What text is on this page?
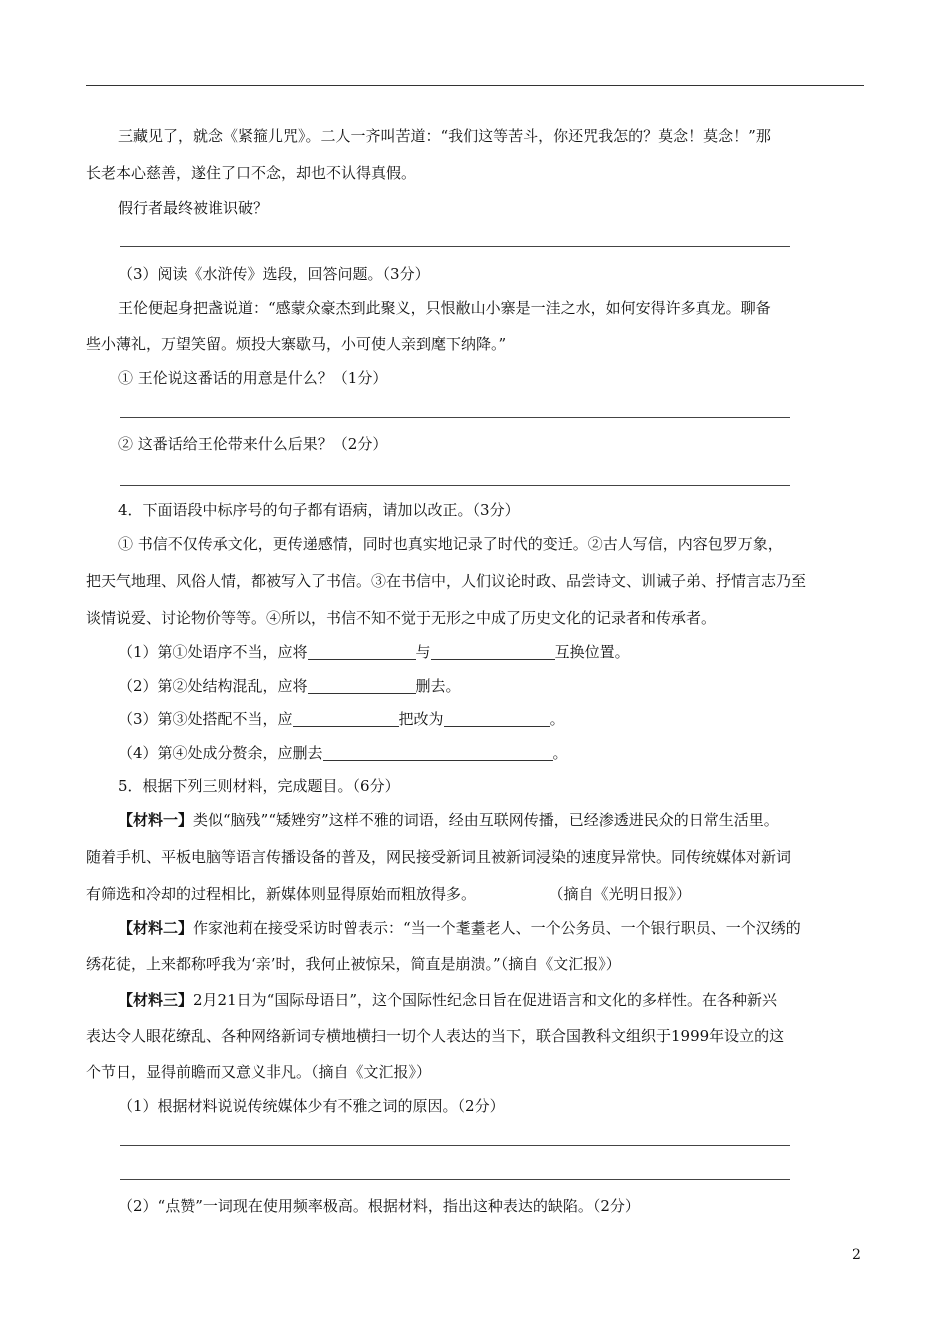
三藏见了，就念《紧箍儿咒》。二人一齐叫苦道：“我们这等苦斗，你还咒我怎的？莫念！莫念！”那
长老本心慈善，遂住了口不念，却也不认得真假。
假行者最终被谁识破？
（3）阅读《水浒传》选段，回答问题。（3分）
王伦便起身把盏说道：“感蒙众豪杰到此聚义，只恨敝山小寨是一洼之水，如何安得许多真龙。聊备
些小薄礼，万望笑留。烦投大寨歇马，小可使人亲到麾下纳降。”
① 王伦说这番话的用意是什么？（1分）
② 这番话给王伦带来什么后果？（2分）
4．下面语段中标序号的句子都有语病，请加以改正。（3分）
① 书信不仅传承文化，更传递感情，同时也真实地记录了时代的变迁。②古人写信，内容包罗万象，
把天气地理、风俗人情，都被写入了书信。③在书信中，人们议论时政、品尝诗文、训诫子弟、抒情言志乃至
谈情说爱、讨论物价等等。④所以，书信不知不觉于无形之中成了历史文化的记录者和传承者。
（1）第①处语序不当，应将	与	互换位置。
（2）第②处结构混乱，应将	删去。
（3）第③处搭配不当，应	把改为	。
（4）第④处成分赘余，应删去	。
5．根据下列三则材料，完成题目。（6分）
【材料一】类似“脑残”“矮矬穷”这样不雅的词语，经由互联网传播，已经渗透进民众的日常生活里。
随着手机、平板电脑等语言传播设备的普及，网民接受新词且被新词浸染的速度异常快。同传统媒体对新词
有筛选和冷却的过程相比，新媒体则显得原始而粗放得多。	（摘自《光明日报》）
【材料二】作家池莉在接受采访时曾表示：“当一个耄耋老人、一个公务员、一个银行职员、一个汉绣的
绣花徒，上来都称呼我为‘亲’时，我何止被惊呆，简直是崩溃。”（摘自《文汇报》）
【材料三】2月21日为“国际母语日”，这个国际性纪念日旨在促进语言和文化的多样性。在各种新兴
表达令人眼花缭乱、各种网络新词专横地横扫一切个人表达的当下，联合国教科文组织于1999年设立的这
个节日，显得前瞻而又意义非凡。（摘自《文汇报》）
（1）根据材料说说传统媒体少有不雅之词的原因。（2分）
（2）“点赞”一词现在使用频率极高。根据材料，指出这种表达的缺陷。（2分）
2
